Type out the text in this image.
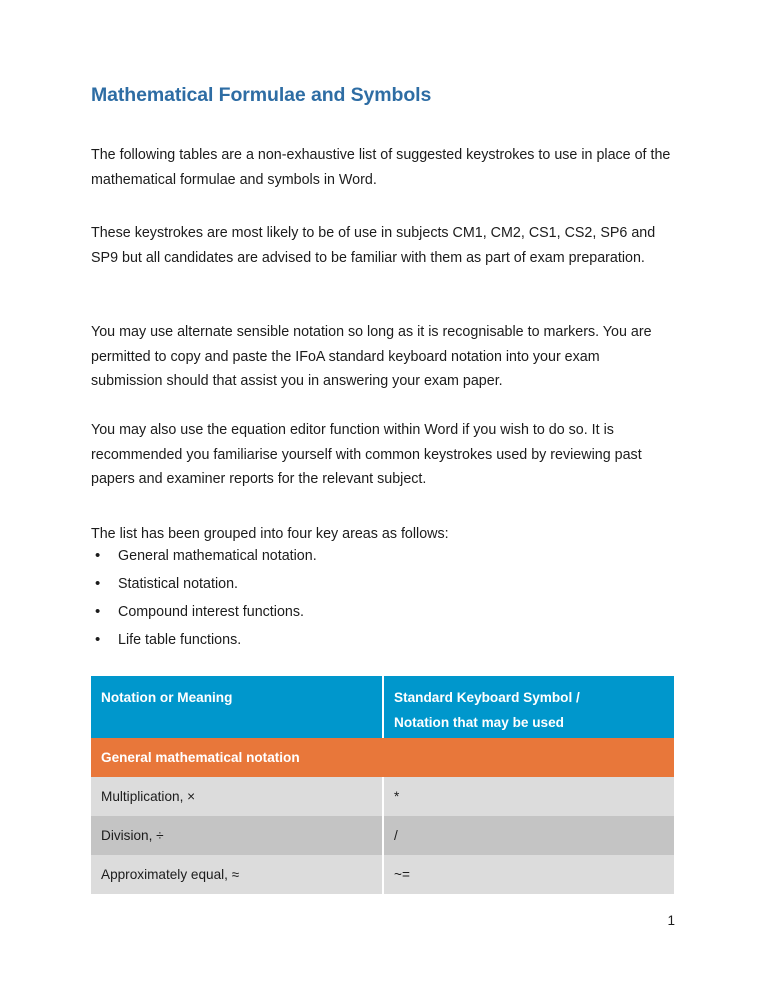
Mathematical Formulae and Symbols

The following tables are a non-exhaustive list of suggested keystrokes to use in place of the mathematical formulae and symbols in Word.

These keystrokes are most likely to be of use in subjects CM1, CM2, CS1, CS2, SP6 and SP9 but all candidates are advised to be familiar with them as part of exam preparation.

You may use alternate sensible notation so long as it is recognisable to markers. You are permitted to copy and paste the IFoA standard keyboard notation into your exam submission should that assist you in answering your exam paper.

You may also use the equation editor function within Word if you wish to do so. It is recommended you familiarise yourself with common keystrokes used by reviewing past papers and examiner reports for the relevant subject.

The list has been grouped into four key areas as follows:

• General mathematical notation.
• Statistical notation.
• Compound interest functions.
• Life table functions.
Notation or Meaning	Standard Keyboard Symbol /
Notation that may be used

General mathematical notation	
Multiplication, ×	*
Division, ÷	/
Approximately equal, ≈	~=
1
